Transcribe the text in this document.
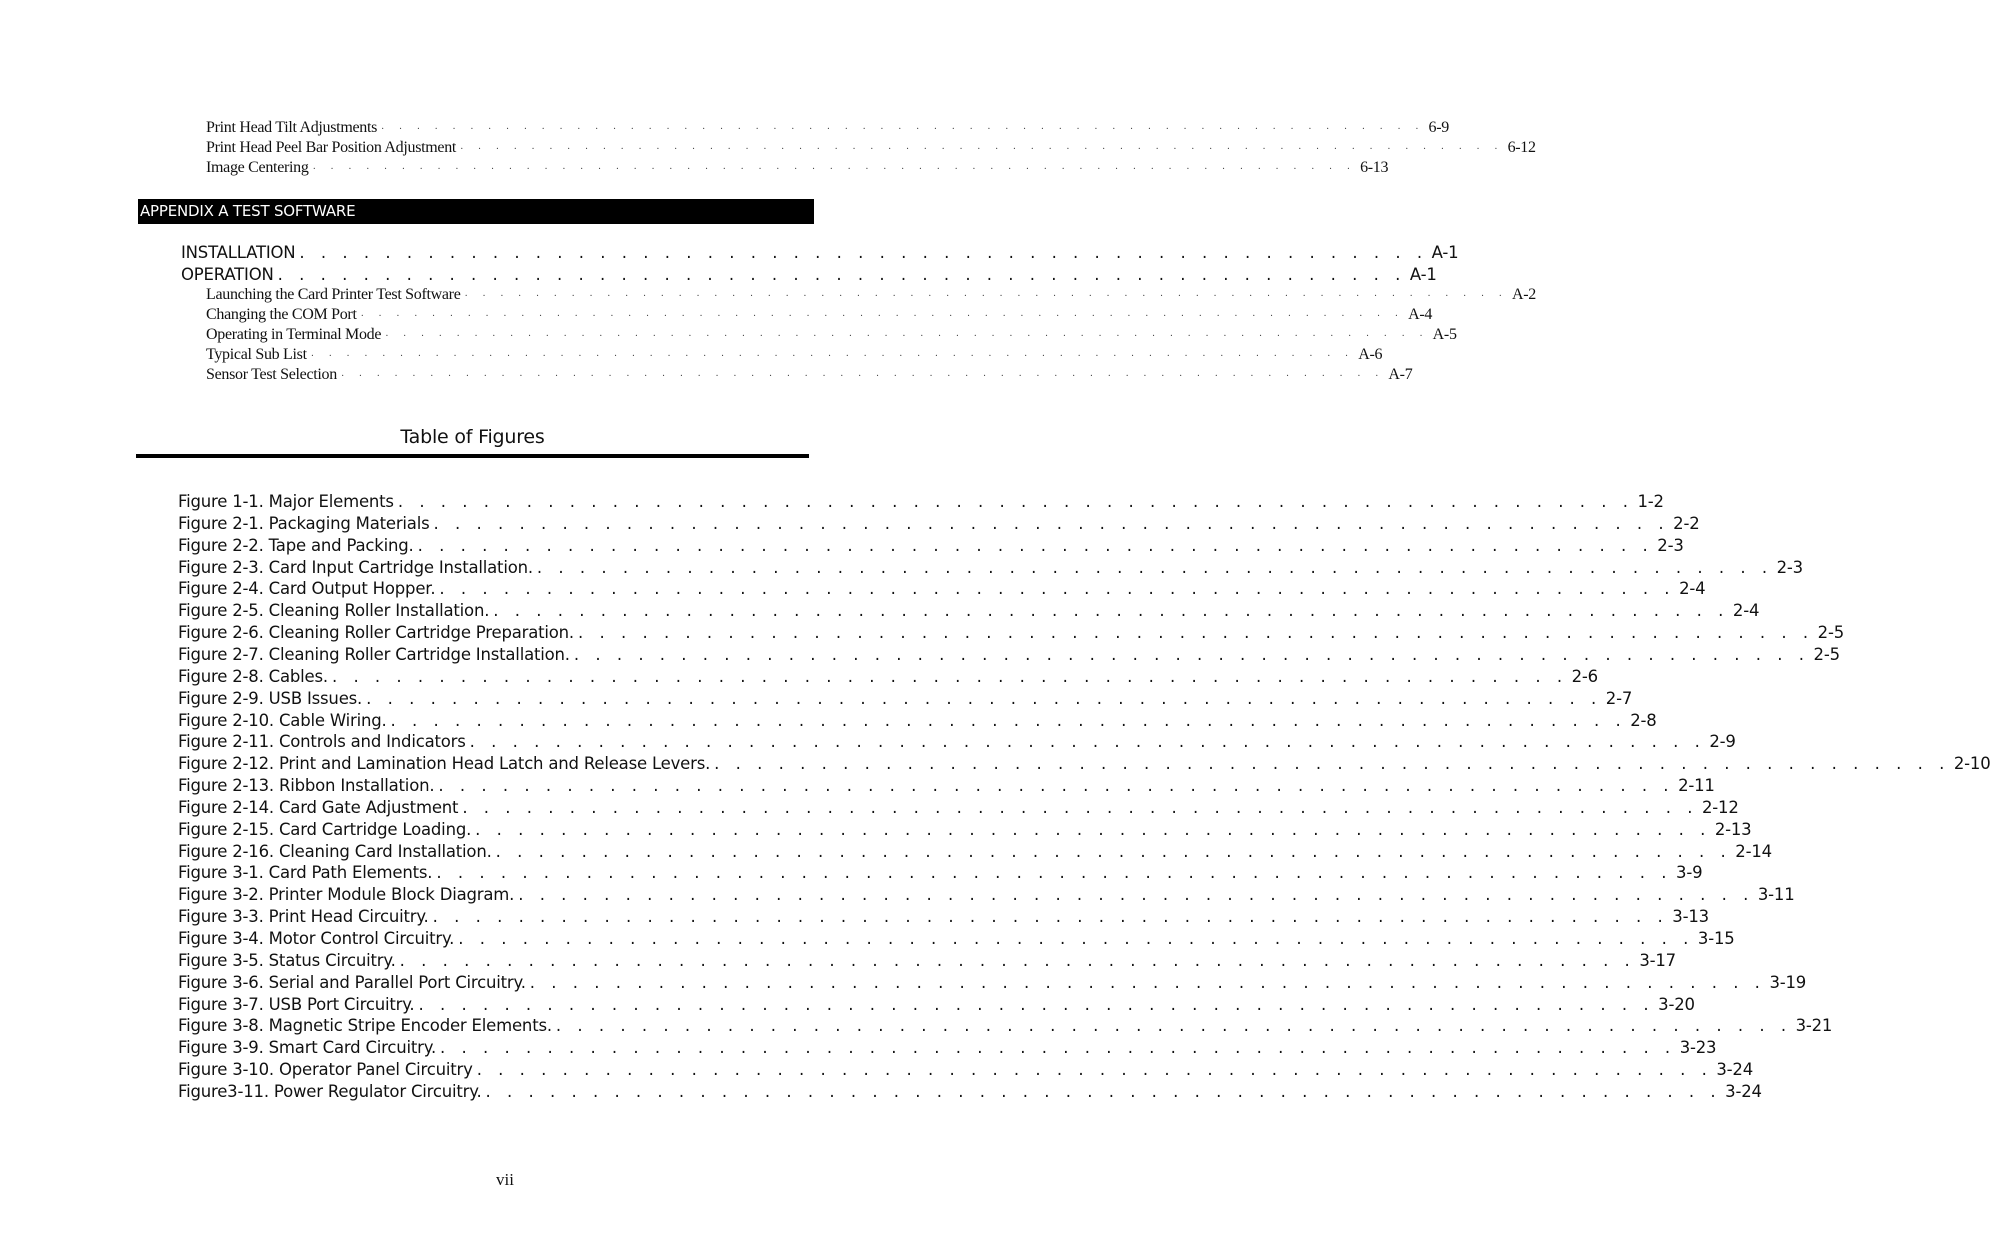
Print Head Tilt Adjustments · · · · · · · · · · · · · · · · · · · · · · · · · · · · · · · · · · · · · · · · · · · · · · · · · · · · · · · · · · · 6-9
Print Head Peel Bar Position Adjustment · · · · · · · · · · · · · · · · · · · · · · · · · · · · · · · · · · · · · · · · · · · · · · · · · · · · · · · · · · · 6-12
Image Centering · · · · · · · · · · · · · · · · · · · · · · · · · · · · · · · · · · · · · · · · · · · · · · · · · · · · · · · · · · · 6-13
APPENDIX A TEST SOFTWARE
INSTALLATION . . . . . . . . . . . . . . . . . . . . . . . . . . . . . . . . . . . . . . . . . . . . . . . . . . . . . A-1
OPERATION . . . . . . . . . . . . . . . . . . . . . . . . . . . . . . . . . . . . . . . . . . . . . . . . . . . . . A-1
Launching the Card Printer Test Software · · · · · · · · · · · · · · · · · · · · · · · · · · · · · · · · · · · · · · · · · · · · · · · · · · · · · · · · · · · A-2
Changing the COM Port · · · · · · · · · · · · · · · · · · · · · · · · · · · · · · · · · · · · · · · · · · · · · · · · · · · · · · · · · · · A-4
Operating in Terminal Mode · · · · · · · · · · · · · · · · · · · · · · · · · · · · · · · · · · · · · · · · · · · · · · · · · · · · · · · · · · · A-5
Typical Sub List · · · · · · · · · · · · · · · · · · · · · · · · · · · · · · · · · · · · · · · · · · · · · · · · · · · · · · · · · · · A-6
Sensor Test Selection · · · · · · · · · · · · · · · · · · · · · · · · · · · · · · · · · · · · · · · · · · · · · · · · · · · · · · · · · · · A-7
Table of Figures
Figure 1-1. Major Elements . . . . . . . . . . . . . . . . . . . . . . . . . . . . . . . . . . . . . . . . . . . . . . . . . . . . . . . . . . 1-2
Figure 2-1. Packaging Materials . . . . . . . . . . . . . . . . . . . . . . . . . . . . . . . . . . . . . . . . . . . . . . . . . . . . . . . . . . 2-2
Figure 2-2. Tape and Packing. . . . . . . . . . . . . . . . . . . . . . . . . . . . . . . . . . . . . . . . . . . . . . . . . . . . . . . . . . . 2-3
Figure 2-3. Card Input Cartridge Installation. . . . . . . . . . . . . . . . . . . . . . . . . . . . . . . . . . . . . . . . . . . . . . . . . . . . . . . . . . . 2-3
Figure 2-4. Card Output Hopper. . . . . . . . . . . . . . . . . . . . . . . . . . . . . . . . . . . . . . . . . . . . . . . . . . . . . . . . . . . 2-4
Figure 2-5. Cleaning Roller Installation. . . . . . . . . . . . . . . . . . . . . . . . . . . . . . . . . . . . . . . . . . . . . . . . . . . . . . . . . . . 2-4
Figure 2-6. Cleaning Roller Cartridge Preparation. . . . . . . . . . . . . . . . . . . . . . . . . . . . . . . . . . . . . . . . . . . . . . . . . . . . . . . . . . . 2-5
Figure 2-7. Cleaning Roller Cartridge Installation. . . . . . . . . . . . . . . . . . . . . . . . . . . . . . . . . . . . . . . . . . . . . . . . . . . . . . . . . . . 2-5
Figure 2-8. Cables. . . . . . . . . . . . . . . . . . . . . . . . . . . . . . . . . . . . . . . . . . . . . . . . . . . . . . . . . . . 2-6
Figure 2-9. USB Issues. . . . . . . . . . . . . . . . . . . . . . . . . . . . . . . . . . . . . . . . . . . . . . . . . . . . . . . . . . . 2-7
Figure 2-10. Cable Wiring. . . . . . . . . . . . . . . . . . . . . . . . . . . . . . . . . . . . . . . . . . . . . . . . . . . . . . . . . . . 2-8
Figure 2-11. Controls and Indicators . . . . . . . . . . . . . . . . . . . . . . . . . . . . . . . . . . . . . . . . . . . . . . . . . . . . . . . . . . 2-9
Figure 2-12. Print and Lamination Head Latch and Release Levers. . . . . . . . . . . . . . . . . . . . . . . . . . . . . . . . . . . . . . . . . . . . . . . . . . . . . . . . . . . 2-10
Figure 2-13. Ribbon Installation. . . . . . . . . . . . . . . . . . . . . . . . . . . . . . . . . . . . . . . . . . . . . . . . . . . . . . . . . . . 2-11
Figure 2-14. Card Gate Adjustment . . . . . . . . . . . . . . . . . . . . . . . . . . . . . . . . . . . . . . . . . . . . . . . . . . . . . . . . . . 2-12
Figure 2-15. Card Cartridge Loading. . . . . . . . . . . . . . . . . . . . . . . . . . . . . . . . . . . . . . . . . . . . . . . . . . . . . . . . . . . 2-13
Figure 2-16. Cleaning Card Installation. . . . . . . . . . . . . . . . . . . . . . . . . . . . . . . . . . . . . . . . . . . . . . . . . . . . . . . . . . . 2-14
Figure 3-1. Card Path Elements. . . . . . . . . . . . . . . . . . . . . . . . . . . . . . . . . . . . . . . . . . . . . . . . . . . . . . . . . . . 3-9
Figure 3-2. Printer Module Block Diagram. . . . . . . . . . . . . . . . . . . . . . . . . . . . . . . . . . . . . . . . . . . . . . . . . . . . . . . . . . . 3-11
Figure 3-3. Print Head Circuitry. . . . . . . . . . . . . . . . . . . . . . . . . . . . . . . . . . . . . . . . . . . . . . . . . . . . . . . . . . . 3-13
Figure 3-4. Motor Control Circuitry. . . . . . . . . . . . . . . . . . . . . . . . . . . . . . . . . . . . . . . . . . . . . . . . . . . . . . . . . . . 3-15
Figure 3-5. Status Circuitry. . . . . . . . . . . . . . . . . . . . . . . . . . . . . . . . . . . . . . . . . . . . . . . . . . . . . . . . . . . 3-17
Figure 3-6. Serial and Parallel Port Circuitry. . . . . . . . . . . . . . . . . . . . . . . . . . . . . . . . . . . . . . . . . . . . . . . . . . . . . . . . . . . 3-19
Figure 3-7. USB Port Circuitry. . . . . . . . . . . . . . . . . . . . . . . . . . . . . . . . . . . . . . . . . . . . . . . . . . . . . . . . . . . 3-20
Figure 3-8. Magnetic Stripe Encoder Elements. . . . . . . . . . . . . . . . . . . . . . . . . . . . . . . . . . . . . . . . . . . . . . . . . . . . . . . . . . . 3-21
Figure 3-9. Smart Card Circuitry. . . . . . . . . . . . . . . . . . . . . . . . . . . . . . . . . . . . . . . . . . . . . . . . . . . . . . . . . . . 3-23
Figure 3-10. Operator Panel Circuitry . . . . . . . . . . . . . . . . . . . . . . . . . . . . . . . . . . . . . . . . . . . . . . . . . . . . . . . . . . 3-24
Figure3-11. Power Regulator Circuitry. . . . . . . . . . . . . . . . . . . . . . . . . . . . . . . . . . . . . . . . . . . . . . . . . . . . . . . . . . . 3-24
vii
